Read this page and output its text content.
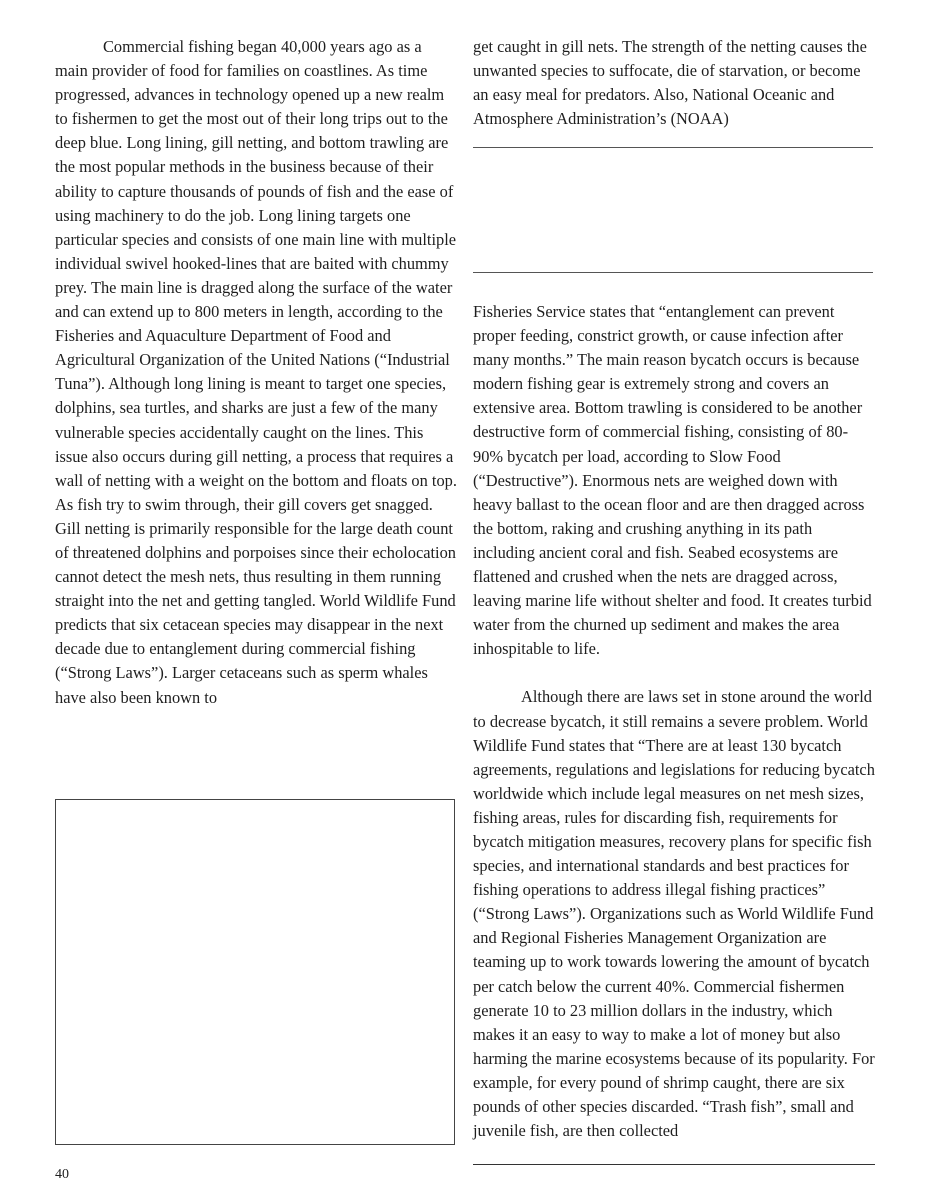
Commercial fishing began 40,000 years ago as a main provider of food for families on coastlines. As time progressed, advances in technology opened up a new realm to fishermen to get the most out of their long trips out to the deep blue. Long lining, gill netting, and bottom trawling are the most popular methods in the business because of their ability to capture thousands of pounds of fish and the ease of using machinery to do the job. Long lining targets one particular species and consists of one main line with multiple individual swivel hooked-lines that are baited with chummy prey. The main line is dragged along the surface of the water and can extend up to 800 meters in length, according to the Fisheries and Aquaculture Department of Food and Agricultural Organization of the United Nations (“Industrial Tuna”). Although long lining is meant to target one species, dolphins, sea turtles, and sharks are just a few of the many vulnerable species accidentally caught on the lines. This issue also occurs during gill netting, a process that requires a wall of netting with a weight on the bottom and floats on top. As fish try to swim through, their gill covers get snagged. Gill netting is primarily responsible for the large death count of threatened dolphins and porpoises since their echolocation cannot detect the mesh nets, thus resulting in them running straight into the net and getting tangled. World Wildlife Fund predicts that six cetacean species may disappear in the next decade due to entanglement during commercial fishing (“Strong Laws”). Larger cetaceans such as sperm whales have also been known to

get caught in gill nets. The strength of the netting causes the unwanted species to suffocate, die of starvation, or become an easy meal for predators. Also, National Oceanic and Atmosphere Administration’s (NOAA)

Fisheries Service states that “entanglement can prevent proper feeding, constrict growth, or cause infection after many months.” The main reason bycatch occurs is because modern fishing gear is extremely strong and covers an extensive area. Bottom trawling is considered to be another destructive form of commercial fishing, consisting of 80-90% bycatch per load, according to Slow Food (“Destructive”). Enormous nets are weighed down with heavy ballast to the ocean floor and are then dragged across the bottom, raking and crushing anything in its path including ancient coral and fish. Seabed ecosystems are flattened and crushed when the nets are dragged across, leaving marine life without shelter and food. It creates turbid water from the churned up sediment and makes the area inhospitable to life.

Although there are laws set in stone around the world to decrease bycatch, it still remains a severe problem. World Wildlife Fund states that “There are at least 130 bycatch agreements, regulations and legislations for reducing bycatch worldwide which include legal measures on net mesh sizes, fishing areas, rules for discarding fish, requirements for bycatch mitigation measures, recovery plans for specific fish species, and international standards and best practices for fishing operations to address illegal fishing practices” (“Strong Laws”). Organizations such as World Wildlife Fund and Regional Fisheries Management Organization are teaming up to work towards lowering the amount of bycatch per catch below the current 40%. Commercial fishermen generate 10 to 23 million dollars in the industry, which makes it an easy to way to make a lot of money but also harming the marine ecosystems because of its popularity. For example, for every pound of shrimp caught, there are six pounds of other species discarded. “Trash fish”, small and juvenile fish, are then collected

40
